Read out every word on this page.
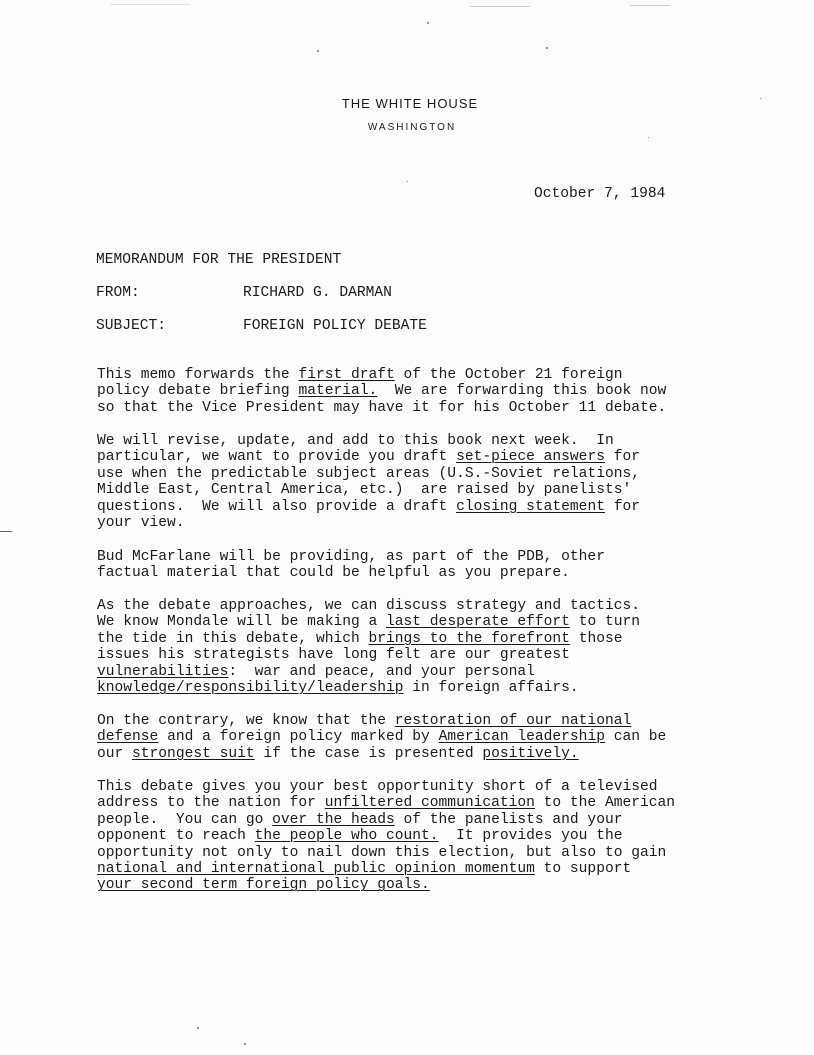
THE WHITE HOUSE
WASHINGTON
October 7, 1984
MEMORANDUM FOR THE PRESIDENT
FROM:	RICHARD G. DARMAN
SUBJECT:	FOREIGN POLICY DEBATE
This memo forwards the first draft of the October 21 foreign
policy debate briefing material.  We are forwarding this book now
so that the Vice President may have it for his October 11 debate.
We will revise, update, and add to this book next week.  In
particular, we want to provide you draft set-piece answers for
use when the predictable subject areas (U.S.-Soviet relations,
Middle East, Central America, etc.)  are raised by panelists'
questions.  We will also provide a draft closing statement for
your view.
Bud McFarlane will be providing, as part of the PDB, other
factual material that could be helpful as you prepare.
As the debate approaches, we can discuss strategy and tactics.
We know Mondale will be making a last desperate effort to turn
the tide in this debate, which brings to the forefront those
issues his strategists have long felt are our greatest
vulnerabilities:  war and peace, and your personal
knowledge/responsibility/leadership in foreign affairs.
On the contrary, we know that the restoration of our national
defense and a foreign policy marked by American leadership can be
our strongest suit if the case is presented positively.
This debate gives you your best opportunity short of a televised
address to the nation for unfiltered communication to the American
people.  You can go over the heads of the panelists and your
opponent to reach the people who count.  It provides you the
opportunity not only to nail down this election, but also to gain
national and international public opinion momentum to support
your second term foreign policy goals.
